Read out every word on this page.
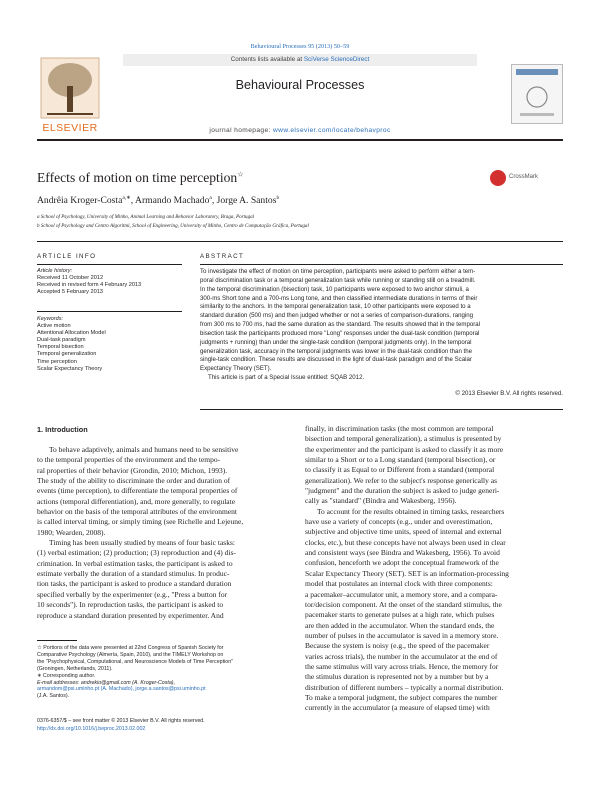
Behavioural Processes 95 (2013) 50–59
ELSEVIER
Contents lists available at SciVerse ScienceDirect
Behavioural Processes
journal homepage: www.elsevier.com/locate/behavproc
Effects of motion on time perception☆	CrossMark
Andrêia Kroger-Costa$^{a,∗}$, Armando Machado$^a$, Jorge A. Santos$^b$
a School of Psychology, University of Minho, Animal Learning and Behavior Laboratory, Braga, Portugal
b School of Psychology and Centro Algoritmi, School of Engineering, University of Minho, Centro de Computação Gráfica, Portugal
ARTICLE INFO
Article history:
Received 11 October 2012
Received in revised form 4 February 2013
Accepted 5 February 2013
Keywords:
Active motion
Attentional Allocation Model
Dual-task paradigm
Temporal bisection
Temporal generalization
Time perception
Scalar Expectancy Theory
ABSTRACT
To investigate the effect of motion on time perception, participants were asked to perform either a tem-
poral discrimination task or a temporal generalization task while running or standing still on a treadmill.
In the temporal discrimination (bisection) task, 10 participants were exposed to two anchor stimuli, a
300-ms Short tone and a 700-ms Long tone, and then classified intermediate durations in terms of their
similarity to the anchors. In the temporal generalization task, 10 other participants were exposed to a
standard duration (500 ms) and then judged whether or not a series of comparison-durations, ranging
from 300 ms to 700 ms, had the same duration as the standard. The results showed that in the temporal
bisection task the participants produced more "Long" responses under the dual-task condition (temporal
judgments + running) than under the single-task condition (temporal judgments only). In the temporal
generalization task, accuracy in the temporal judgments was lower in the dual-task condition than the
single-task condition. These results are discussed in the light of dual-task paradigm and of the Scalar
Expectancy Theory (SET).
This article is part of a Special Issue entitled: SQAB 2012.
© 2013 Elsevier B.V. All rights reserved.
1. Introduction
To behave adaptively, animals and humans need to be sensitive
to the temporal properties of the environment and the tempo-
ral properties of their behavior (Grondin, 2010; Michon, 1993).
The study of the ability to discriminate the order and duration of
events (time perception), to differentiate the temporal properties of
actions (temporal differentiation), and, more generally, to regulate
behavior on the basis of the temporal attributes of the environment
is called interval timing, or simply timing (see Richelle and Lejeune,
1980; Wearden, 2008).
Timing has been usually studied by means of four basic tasks:
(1) verbal estimation; (2) production; (3) reproduction and (4) dis-
crimination. In verbal estimation tasks, the participant is asked to
estimate verbally the duration of a standard stimulus. In produc-
tion tasks, the participant is asked to produce a standard duration
specified verbally by the experimenter (e.g., "Press a button for
10 seconds"). In reproduction tasks, the participant is asked to
reproduce a standard duration presented by experimenter. And
finally, in discrimination tasks (the most common are temporal
bisection and temporal generalization), a stimulus is presented by
the experimenter and the participant is asked to classify it as more
similar to a Short or to a Long standard (temporal bisection), or
to classify it as Equal to or Different from a standard (temporal
generalization). We refer to the subject's response generically as
"judgment" and the duration the subject is asked to judge generi-
cally as "standard" (Bindra and Wakesberg, 1956).
To account for the results obtained in timing tasks, researchers
have use a variety of concepts (e.g., under and overestimation,
subjective and objective time units, speed of internal and external
clocks, etc.), but these concepts have not always been used in clear
and consistent ways (see Bindra and Wakesberg, 1956). To avoid
confusion, henceforth we adopt the conceptual framework of the
Scalar Expectancy Theory (SET). SET is an information-processing
model that postulates an internal clock with three components:
a pacemaker–accumulator unit, a memory store, and a compara-
tor/decision component. At the onset of the standard stimulus, the
pacemaker starts to generate pulses at a high rate, which pulses
are then added in the accumulator. When the standard ends, the
number of pulses in the accumulator is saved in a memory store.
Because the system is noisy (e.g., the speed of the pacemaker
varies across trials), the number in the accumulator at the end of
the same stimulus will vary across trials. Hence, the memory for
the stimulus duration is represented not by a number but by a
distribution of different numbers – typically a normal distribution.
To make a temporal judgment, the subject compares the number
currently in the accumulator (a measure of elapsed time) with
☆ Portions of the data were presented at 22nd Congress of Spanish Society for
Comparative Psychology (Almería, Spain, 2010), and the TIMELY Workshop on
the "Psychophysical, Computational, and Neuroscience Models of Time Perception"
(Groningen, Netherlands, 2011).
∗ Corresponding author.
E-mail addresses: andrekio@gmail.com (A. Kroger-Costa),
armandom@psi.uminho.pt (A. Machado), jorge.a.santos@psi.uminho.pt
(J.A. Santos).
0376-6357/$ – see front matter © 2013 Elsevier B.V. All rights reserved.
http://dx.doi.org/10.1016/j.beproc.2013.02.002
